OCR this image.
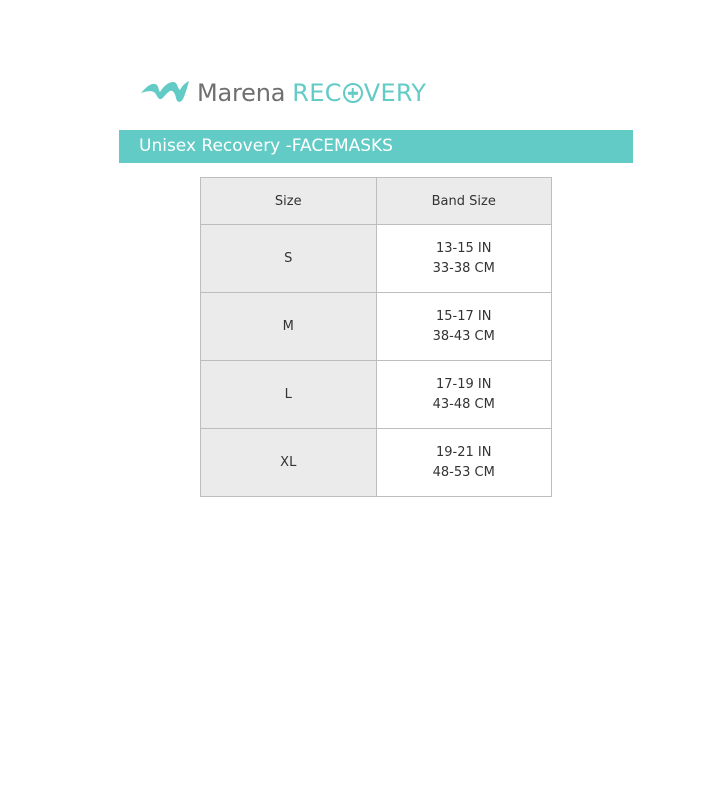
Marena REC VERY
Unisex Recovery -FACEMASKS
Size	Band Size
S	13-15 IN
33-38 CM

M	15-17 IN
38-43 CM

L	17-19 IN
43-48 CM

XL	19-21 IN
48-53 CM
